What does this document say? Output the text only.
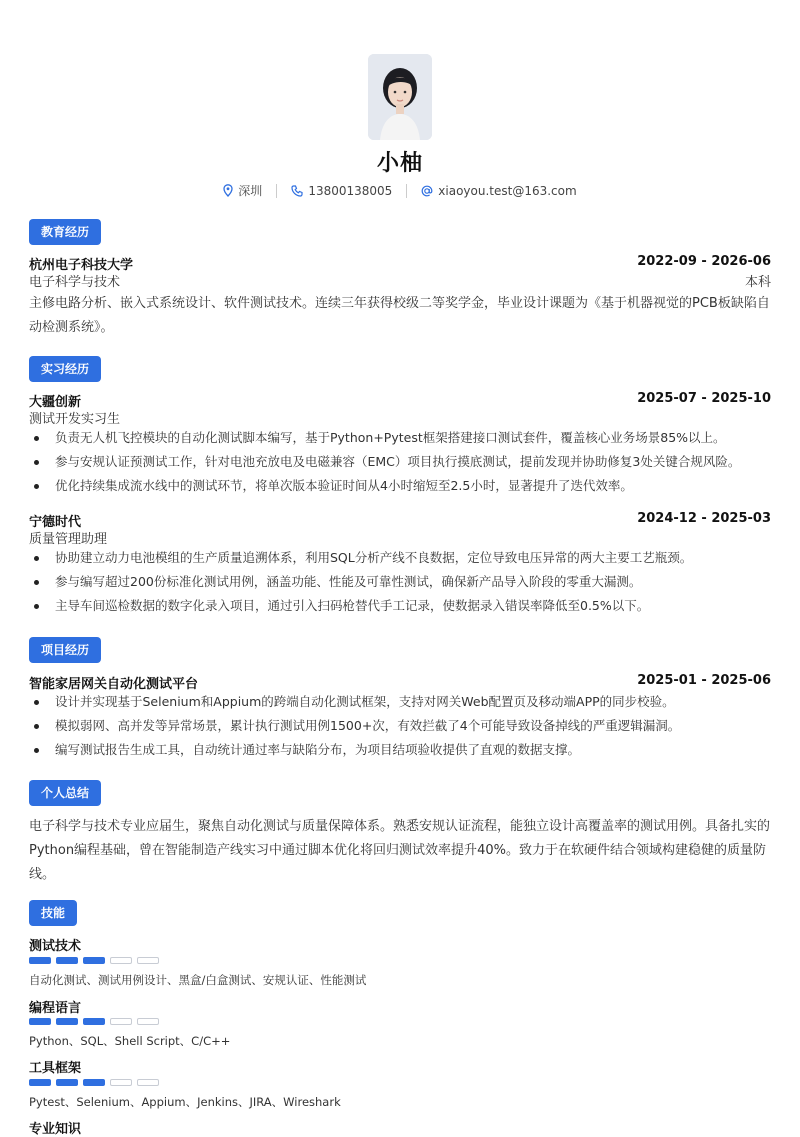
小柚
深圳	13800138005	xiaoyou.test@163.com
教育经历
杭州电子科技大学	2022-09 - 2026-06
电子科学与技术	本科
主修电路分析、嵌入式系统设计、软件测试技术。连续三年获得校级二等奖学金，毕业设计课题为《基于机器视觉的PCB板缺陷自动检测系统》。
实习经历
大疆创新	2025-07 - 2025-10
测试开发实习生
负责无人机飞控模块的自动化测试脚本编写，基于Python+Pytest框架搭建接口测试套件，覆盖核心业务场景85%以上。
参与安规认证预测试工作，针对电池充放电及电磁兼容（EMC）项目执行摸底测试，提前发现并协助修复3处关键合规风险。
优化持续集成流水线中的测试环节，将单次版本验证时间从4小时缩短至2.5小时，显著提升了迭代效率。
宁德时代	2024-12 - 2025-03
质量管理助理
协助建立动力电池模组的生产质量追溯体系，利用SQL分析产线不良数据，定位导致电压异常的两大主要工艺瓶颈。
参与编写超过200份标准化测试用例，涵盖功能、性能及可靠性测试，确保新产品导入阶段的零重大漏测。
主导车间巡检数据的数字化录入项目，通过引入扫码枪替代手工记录，使数据录入错误率降低至0.5%以下。
项目经历
智能家居网关自动化测试平台	2025-01 - 2025-06
设计并实现基于Selenium和Appium的跨端自动化测试框架，支持对网关Web配置页及移动端APP的同步校验。
模拟弱网、高并发等异常场景，累计执行测试用例1500+次，有效拦截了4个可能导致设备掉线的严重逻辑漏洞。
编写测试报告生成工具，自动统计通过率与缺陷分布，为项目结项验收提供了直观的数据支撑。
个人总结
电子科学与技术专业应届生，聚焦自动化测试与质量保障体系。熟悉安规认证流程，能独立设计高覆盖率的测试用例。具备扎实的Python编程基础，曾在智能制造产线实习中通过脚本优化将回归测试效率提升40%。致力于在软硬件结合领域构建稳健的质量防线。
技能
测试技术
自动化测试、测试用例设计、黑盒/白盒测试、安规认证、性能测试
编程语言
Python、SQL、Shell Script、C/C++
工具框架
Pytest、Selenium、Appium、Jenkins、JIRA、Wireshark
专业知识
